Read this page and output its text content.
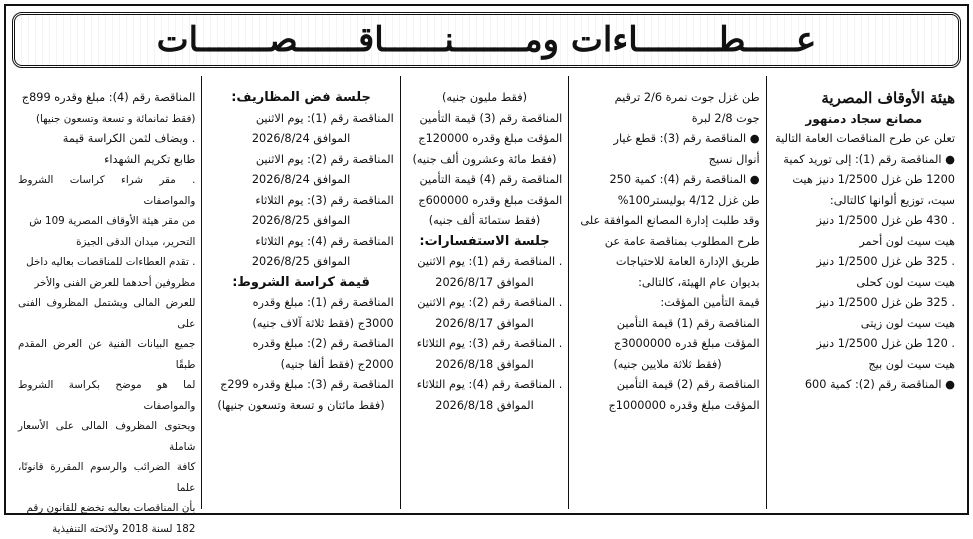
عـــــطــــــــاءات ومـــــــنــــــاقــــــصـــــــات

هيئة الأوقاف المصرية

مصانع سجاد دمنهور

تعلن عن طرح المناقصات العامة التالية

● المناقصة رقم (1): إلى توريد كمية

1200 طن غزل 1/2500 دنيز هيت

سيت، توزيع ألوانها كالتالى:

. 430 طن غزل 1/2500 دنيز

هيت سيت لون أحمر

. 325 طن غزل 1/2500 دنيز

هيت سيت لون كحلى

. 325 طن غزل 1/2500 دنيز

هيت سيت لون زيتى

. 120 طن غزل 1/2500 دنيز

هيت سيت لون بيج

● المناقصة رقم (2): كمية 600

طن غزل جوت نمرة 2/6 ترقيم

جوت 2/8 لبرة

● المناقصة رقم (3): قطع غيار

أنوال نسيج

● المناقصة رقم (4): كمية 250

طن غزل 4/12 بوليستر100%

وقد طلبت إدارة المصانع الموافقة على

طرح المطلوب بمناقصة عامة عن

طريق الإدارة العامة للاحتياجات

بديوان عام الهيئة، كالتالى:

قيمة التأمين المؤقت:

المناقصة رقم (1) قيمة التأمين

المؤقت مبلغ قدره 3000000ج

(فقط ثلاثة ملايين جنيه)

المناقصة رقم (2) قيمة التأمين

المؤقت مبلغ وقدره 1000000ج

(فقط مليون جنيه)

المناقصة رقم (3) قيمة التأمين

المؤقت مبلغ وقدره 120000ج

(فقط مائة وعشرون ألف جنيه)

المناقصة رقم (4) قيمة التأمين

المؤقت مبلغ وقدره 600000ج

(فقط ستمائة ألف جنيه)

جلسة الاستفسارات:

. المناقصة رقم (1): يوم الاثنين

الموافق 2026/8/17

. المناقصة رقم (2): يوم الاثنين

الموافق 2026/8/17

. المناقصة رقم (3): يوم الثلاثاء

الموافق 2026/8/18

. المناقصة رقم (4): يوم الثلاثاء

الموافق 2026/8/18

جلسة فض المظاريف:

المناقصة رقم (1): يوم الاثنين

الموافق 2026/8/24

المناقصة رقم (2): يوم الاثنين

الموافق 2026/8/24

المناقصة رقم (3): يوم الثلاثاء

الموافق 2026/8/25

المناقصة رقم (4): يوم الثلاثاء

الموافق 2026/8/25

قيمة كراسة الشروط:

المناقصة رقم (1): مبلغ وقدره

3000ج (فقط ثلاثة آلاف جنيه)

المناقصة رقم (2): مبلغ وقدره

2000ج (فقط ألفا جنيه)

المناقصة رقم (3): مبلغ وقدره 299ج

(فقط مائتان و تسعة وتسعون جنيها)

المناقصة رقم (4): مبلغ وقدره 899ج

(فقط ثمانمائة و تسعة وتسعون جنيها)

. ويضاف لثمن الكراسة قيمة

طابع تكريم الشهداء

. مقر شراء كراسات الشروط والمواصفات

من مقر هيئة الأوقاف المصرية 109 ش

التحرير، ميدان الدقى الجيزة

. تقدم العطاءات للمناقصات بعاليه داخل

مظروفين أحدهما للعرض الفنى والأخر

للعرض المالى ويشتمل المظروف الفنى على

جميع البيانات الفنية عن العرض المقدم طبقًا

لما هو موضح بكراسة الشروط والمواصفات

ويحتوى المظروف المالى على الأسعار شاملة

كافة الضرائب والرسوم المقررة قانونًا، علما

بأن المناقصات بعاليه تخضع للقانون رقم

182 لسنة 2018 ولائحته التنفيذية
